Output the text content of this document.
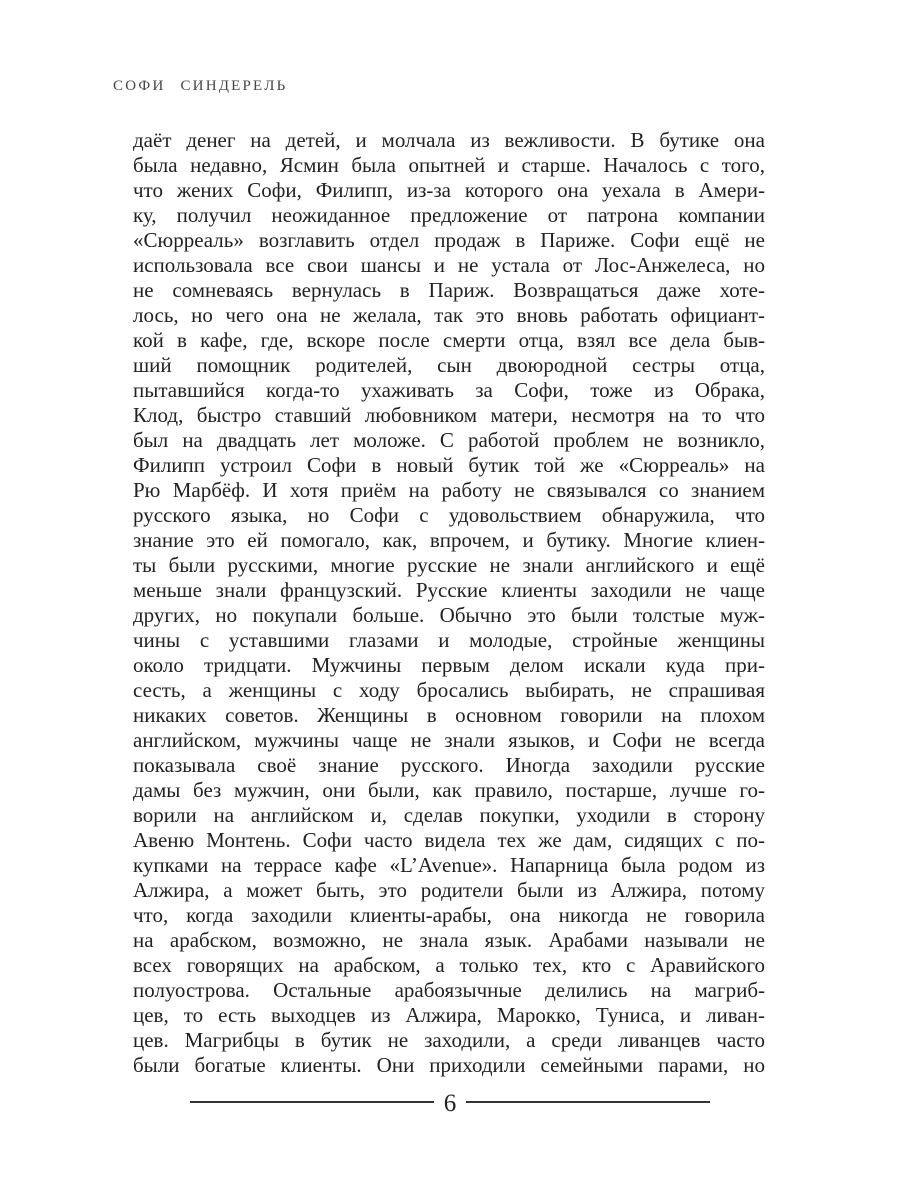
СОФИ СИНДЕРЕЛЬ
даёт денег на детей, и молчала из вежливости. В бутике она
была недавно, Ясмин была опытней и старше. Началось с того,
что жених Софи, Филипп, из-за которого она уехала в Амери-
ку, получил неожиданное предложение от патрона компании
«Сюрреаль» возглавить отдел продаж в Париже. Софи ещё не
использовала все свои шансы и не устала от Лос-Анжелеса, но
не сомневаясь вернулась в Париж. Возвращаться даже хоте-
лось, но чего она не желала, так это вновь работать официант-
кой в кафе, где, вскоре после смерти отца, взял все дела быв-
ший помощник родителей, сын двоюродной сестры отца,
пытавшийся когда-то ухаживать за Софи, тоже из Обрака,
Клод, быстро ставший любовником матери, несмотря на то что
был на двадцать лет моложе. С работой проблем не возникло,
Филипп устроил Софи в новый бутик той же «Сюрреаль» на
Рю Марбёф. И хотя приём на работу не связывался со знанием
русского языка, но Софи с удовольствием обнаружила, что
знание это ей помогало, как, впрочем, и бутику. Многие клиен-
ты были русскими, многие русские не знали английского и ещё
меньше знали французский. Русские клиенты заходили не чаще
других, но покупали больше. Обычно это были толстые муж-
чины с уставшими глазами и молодые, стройные женщины
около тридцати. Мужчины первым делом искали куда при-
сесть, а женщины с ходу бросались выбирать, не спрашивая
никаких советов. Женщины в основном говорили на плохом
английском, мужчины чаще не знали языков, и Софи не всегда
показывала своё знание русского. Иногда заходили русские
дамы без мужчин, они были, как правило, постарше, лучше го-
ворили на английском и, сделав покупки, уходили в сторону
Авеню Монтень. Софи часто видела тех же дам, сидящих с по-
купками на террасе кафе «L’Avenue». Напарница была родом из
Алжира, а может быть, это родители были из Алжира, потому
что, когда заходили клиенты-арабы, она никогда не говорила
на арабском, возможно, не знала язык. Арабами называли не
всех говорящих на арабском, а только тех, кто с Аравийского
полуострова. Остальные арабоязычные делились на магриб-
цев, то есть выходцев из Алжира, Марокко, Туниса, и ливан-
цев. Магрибцы в бутик не заходили, а среди ливанцев часто
были богатые клиенты. Они приходили семейными парами, но
6
